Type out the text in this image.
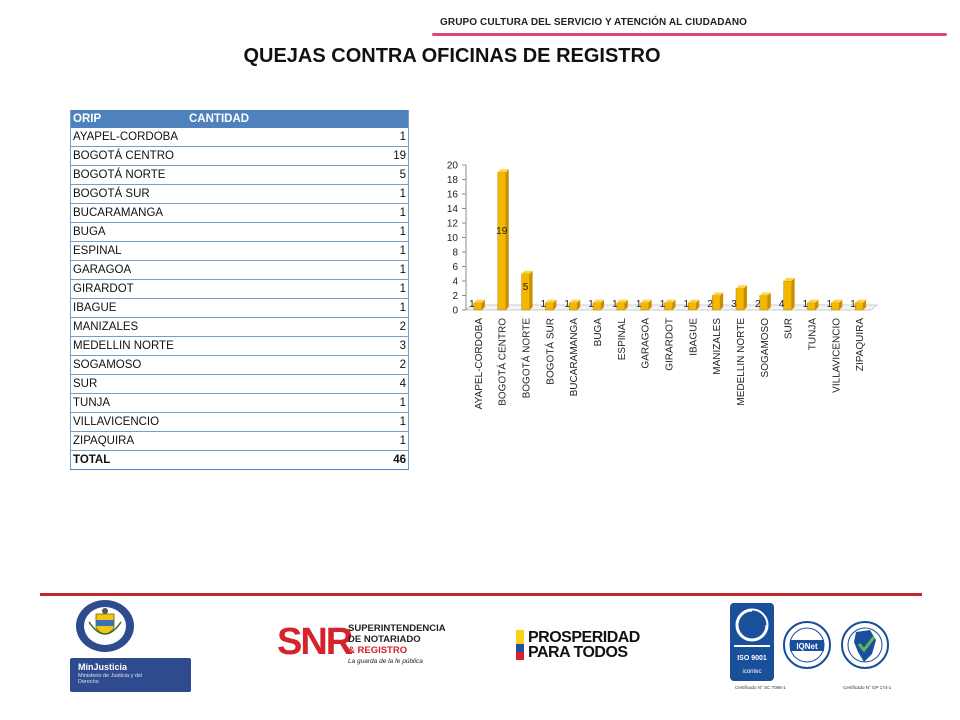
GRUPO CULTURA DEL SERVICIO Y ATENCIÓN AL CIUDADANO
QUEJAS CONTRA OFICINAS DE REGISTRO
ORIP	CANTIDAD
AYAPEL-CORDOBA	1
BOGOTÁ CENTRO	19
BOGOTÁ NORTE	5
BOGOTÁ SUR	1
BUCARAMANGA	1
BUGA	1
ESPINAL	1
GARAGOA	1
GIRARDOT	1
IBAGUE	1
MANIZALES	2
MEDELLIN NORTE	3
SOGAMOSO	2
SUR	4
TUNJA	1
VILLAVICENCIO	1
ZIPAQUIRA	1
TOTAL	46
0
2
4
6
8
10
12
14
16
18
20
1
AYAPEL-CORDOBA
19
BOGOTÁ CENTRO
5
BOGOTÁ NORTE
1
BOGOTÁ SUR
1
BUCARAMANGA
1
BUGA
1
ESPINAL
1
GARAGOA
1
GIRARDOT
1
IBAGUE
2
MANIZALES
3
MEDELLIN NORTE
2
SOGAMOSO
4
SUR
1
TUNJA
1
VILLAVICENCIO
1
ZIPAQUIRA
MinJusticia
Ministerio de Justicia y del Derecho
SNR
SUPERINTENDENCIA
DE NOTARIADO
& REGISTRO
La guarda de la fe pública
PROSPERIDAD
PARA TODOS	ISO 9001
icontec
IQNet
Certificado N° SC 7086-1	Certificado N° GP 174-1
